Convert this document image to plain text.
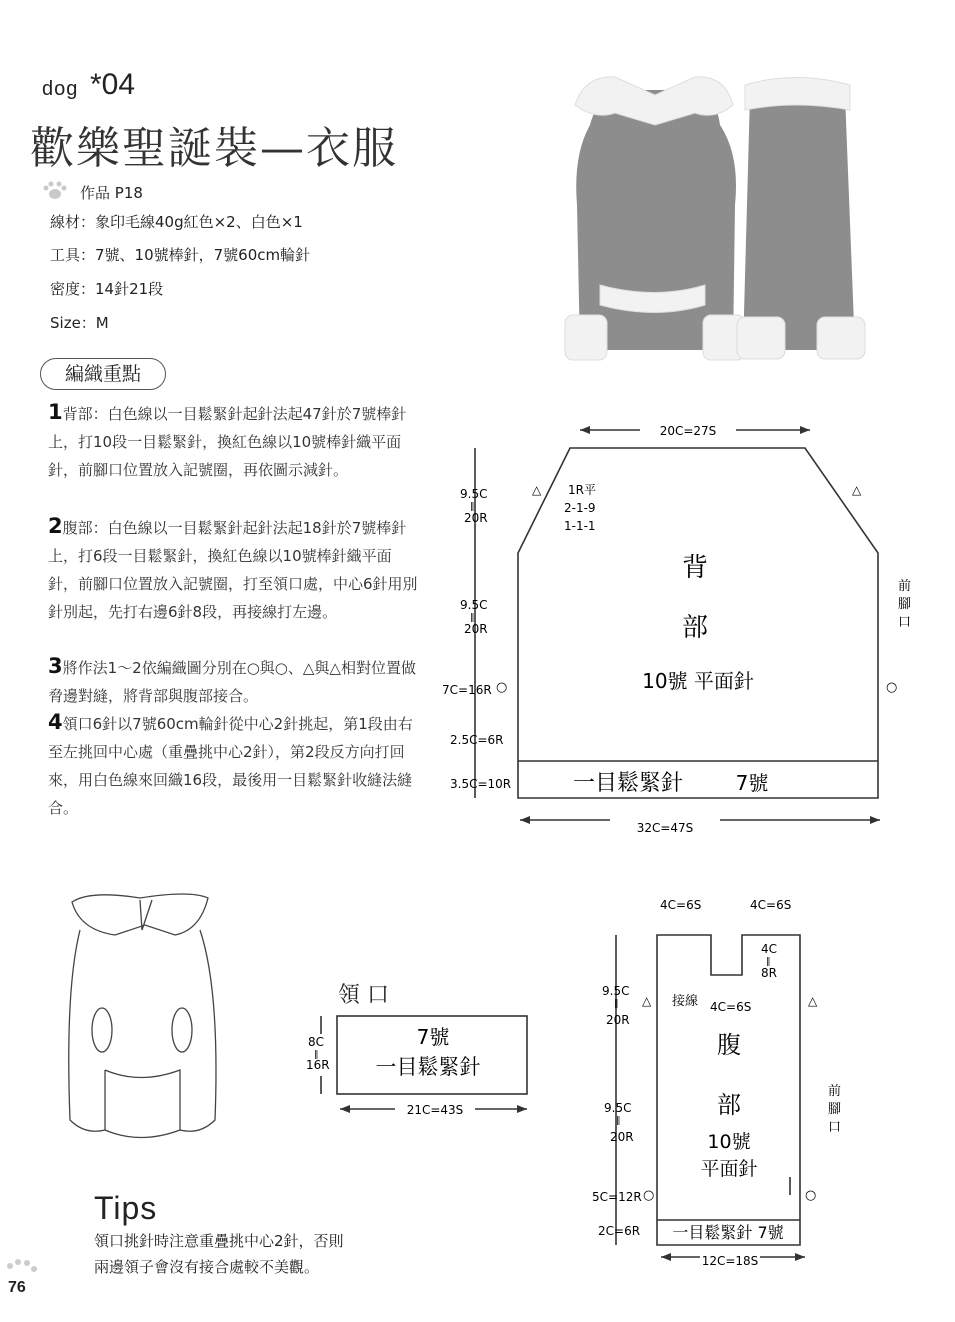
dog *04
歡樂聖誕裝—衣服
作品 P18
線材：象印毛線40g紅色×2、白色×1
工具：7號、10號棒針，7號60cm輪針
密度：14針21段
Size：M
編織重點
1背部：白色線以一目鬆緊針起針法起47針於7號棒針上，打10段一目鬆緊針，換紅色線以10號棒針織平面針，前腳口位置放入記號圈，再依圖示減針。
2腹部：白色線以一目鬆緊針起針法起18針於7號棒針上，打6段一目鬆緊針，換紅色線以10號棒針織平面針，前腳口位置放入記號圈，打至領口處，中心6針用別針別起，先打右邊6針8段，再接線打左邊。
3將作法1～2依編織圖分別在○與○、△與△相對位置做脅邊對縫，將背部與腹部接合。
4領口6針以7號60cm輪針從中心2針挑起，第1段由右至左挑回中心處（重疊挑中心2針），第2段反方向打回來，用白色線來回織16段，最後用一目鬆緊針收縫法縫合。
20C=27S
32C=47S
1R平
2-1-9
1-1-1
△	△
背
部
10號 平面針
一目鬆緊針	7號
9.5C
‖
20R
9.5C
‖
20R
7C=16R
2.5C=6R
3.5C=10R
前
腳
口
○
○
領 口
21C=43S
7號
一目鬆緊針
8C
‖
16R
12C=18S
4C=6S	4C=6S
4C
‖
8R
接線 4C=6S
△	△
腹
部
10號
平面針
一目鬆緊針 7號
9.5C
‖
20R
9.5C
‖
20R
5C=12R
2C=6R
前
腳
口
○
○
Tips
領口挑針時注意重疊挑中心2針，否則
兩邊領子會沒有接合處較不美觀。
76
